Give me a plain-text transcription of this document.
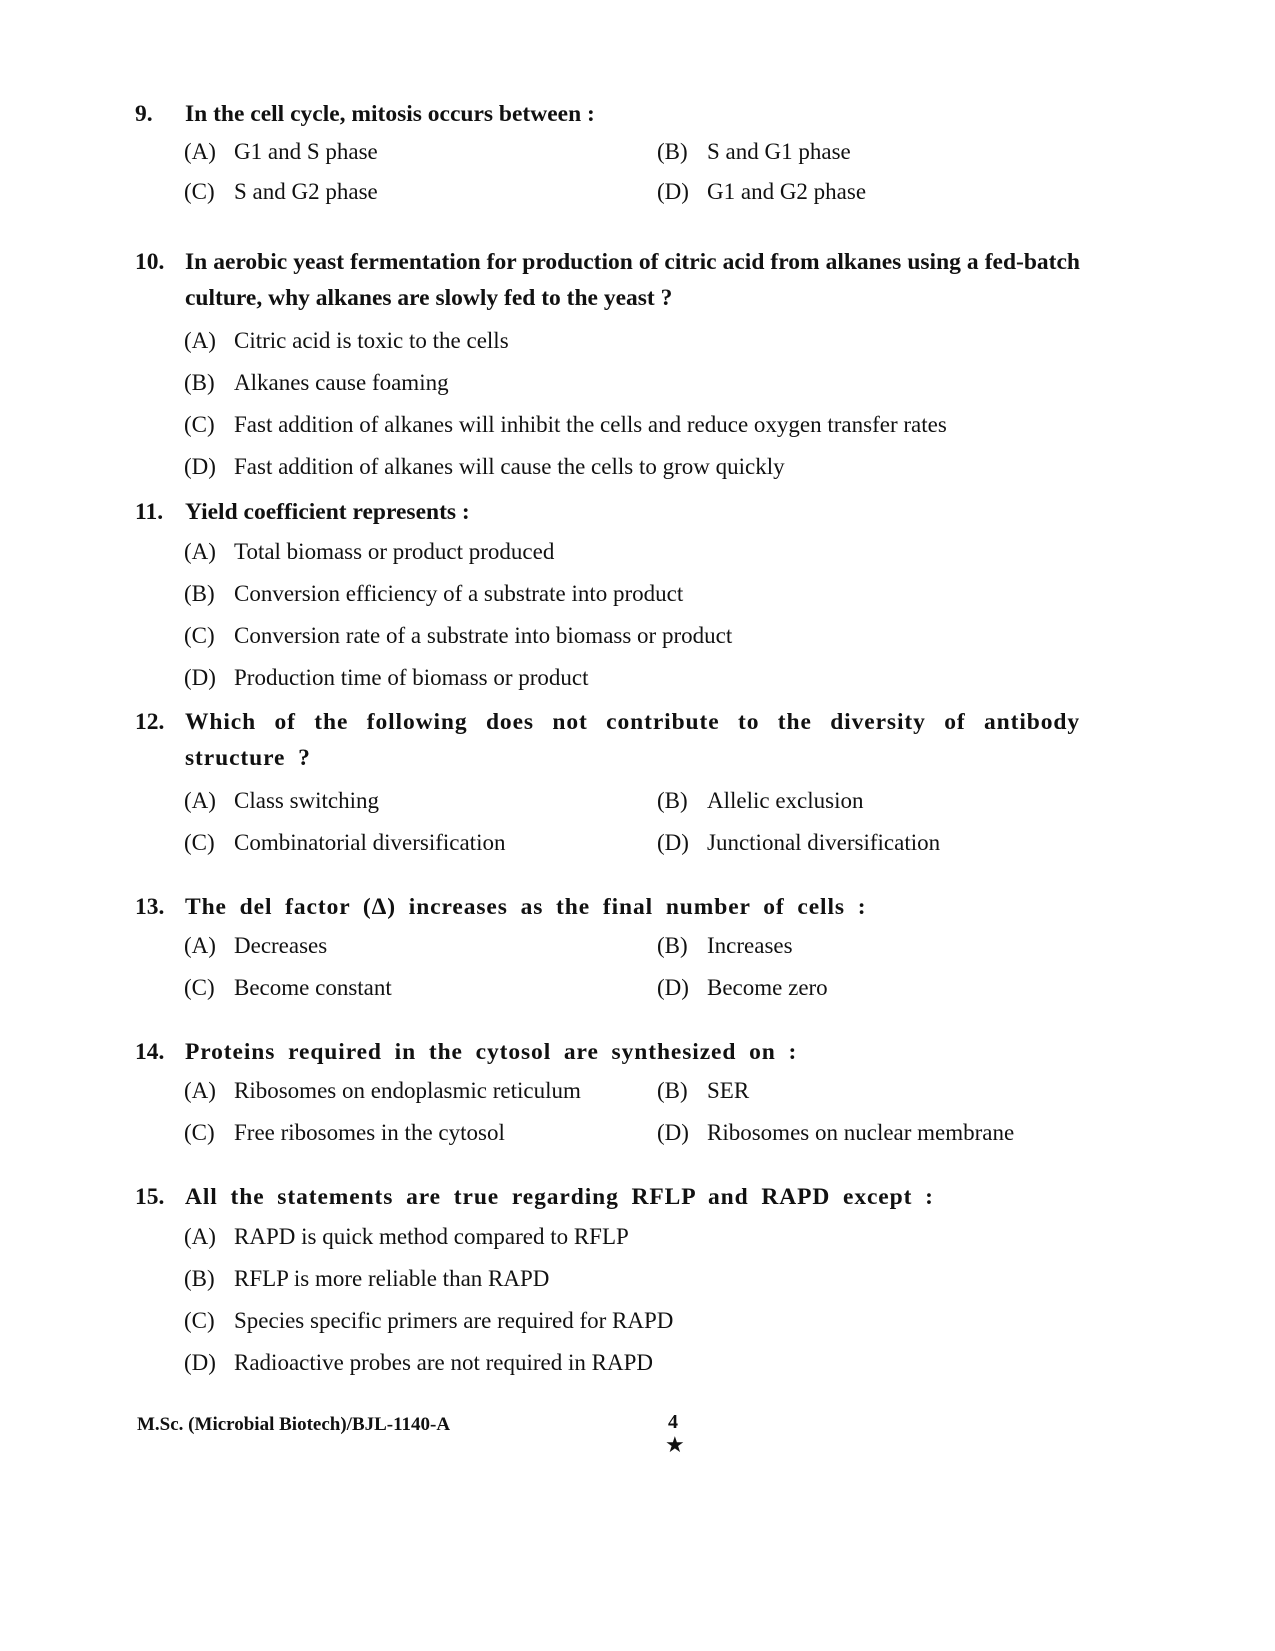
9. In the cell cycle, mitosis occurs between :
(A) G1 and S phase	(B) S and G1 phase
(C) S and G2 phase	(D) G1 and G2 phase
10. In aerobic yeast fermentation for production of citric acid from alkanes using a fed-batch culture, why alkanes are slowly fed to the yeast ?
(A) Citric acid is toxic to the cells
(B) Alkanes cause foaming
(C) Fast addition of alkanes will inhibit the cells and reduce oxygen transfer rates
(D) Fast addition of alkanes will cause the cells to grow quickly
11. Yield coefficient represents :
(A) Total biomass or product produced
(B) Conversion efficiency of a substrate into product
(C) Conversion rate of a substrate into biomass or product
(D) Production time of biomass or product
12. Which of the following does not contribute to the diversity of antibody structure ?
(A) Class switching	(B) Allelic exclusion
(C) Combinatorial diversification	(D) Junctional diversification
13. The del factor (Δ) increases as the final number of cells :
(A) Decreases	(B) Increases
(C) Become constant	(D) Become zero
14. Proteins required in the cytosol are synthesized on :
(A) Ribosomes on endoplasmic reticulum	(B) SER
(C) Free ribosomes in the cytosol	(D) Ribosomes on nuclear membrane
15. All the statements are true regarding RFLP and RAPD except :
(A) RAPD is quick method compared to RFLP
(B) RFLP is more reliable than RAPD
(C) Species specific primers are required for RAPD
(D) Radioactive probes are not required in RAPD
M.Sc. (Microbial Biotech)/BJL-1140-A	4
★
